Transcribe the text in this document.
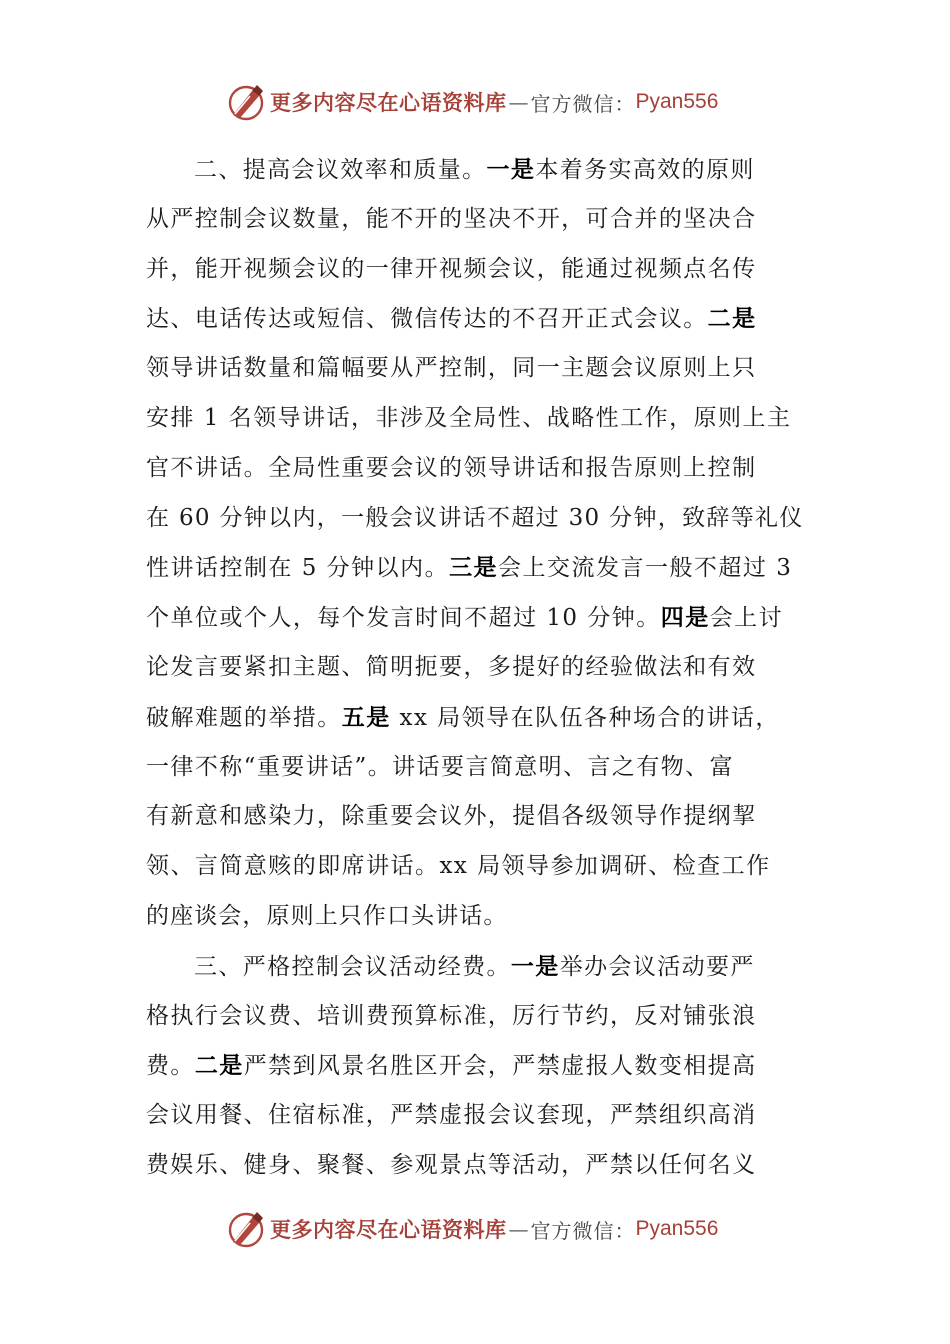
更多内容尽在心语资料库 — 官方微信： Pyan556
二、提高会议效率和质量。一是本着务实高效的原则
从严控制会议数量，能不开的坚决不开，可合并的坚决合
并，能开视频会议的一律开视频会议，能通过视频点名传
达、电话传达或短信、微信传达的不召开正式会议。二是
领导讲话数量和篇幅要从严控制，同一主题会议原则上只
安排 1 名领导讲话，非涉及全局性、战略性工作，原则上主
官不讲话。全局性重要会议的领导讲话和报告原则上控制
在 60 分钟以内，一般会议讲话不超过 30 分钟，致辞等礼仪
性讲话控制在 5 分钟以内。三是会上交流发言一般不超过 3
个单位或个人，每个发言时间不超过 10 分钟。四是会上讨
论发言要紧扣主题、简明扼要，多提好的经验做法和有效
破解难题的举措。五是 xx 局领导在队伍各种场合的讲话，
一律不称“重要讲话”。讲话要言简意明、言之有物、富
有新意和感染力，除重要会议外，提倡各级领导作提纲挈
领、言简意赅的即席讲话。xx 局领导参加调研、检查工作
的座谈会，原则上只作口头讲话。
三、严格控制会议活动经费。一是举办会议活动要严
格执行会议费、培训费预算标准，厉行节约，反对铺张浪
费。二是严禁到风景名胜区开会，严禁虚报人数变相提高
会议用餐、住宿标准，严禁虚报会议套现，严禁组织高消
费娱乐、健身、聚餐、参观景点等活动，严禁以任何名义
更多内容尽在心语资料库 — 官方微信： Pyan556
